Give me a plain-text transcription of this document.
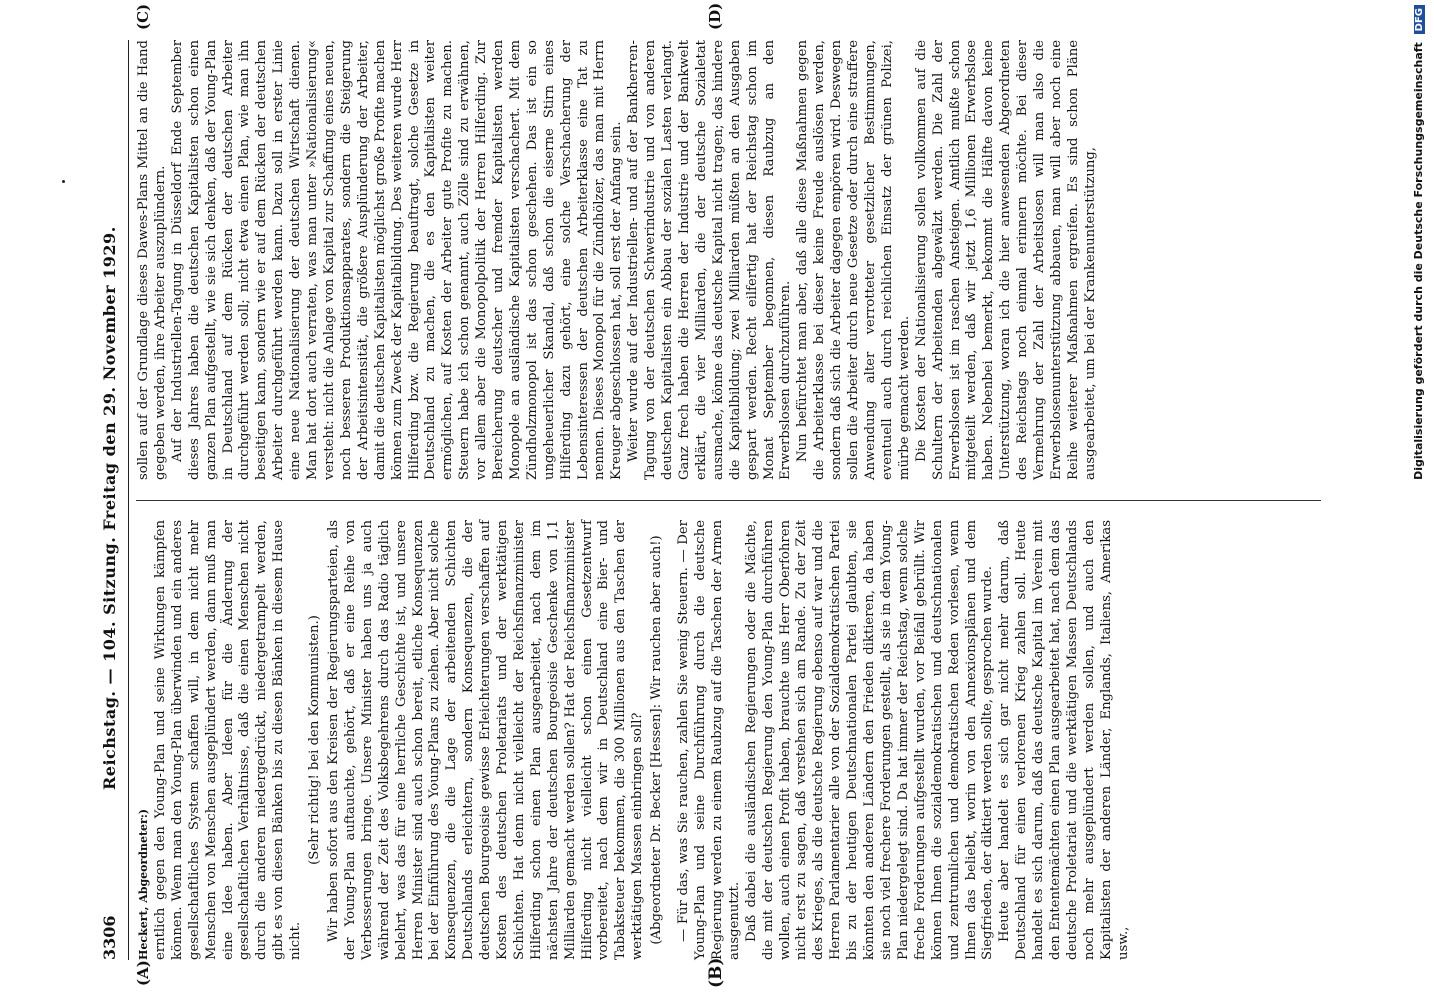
3306
Reichstag. — 104. Sitzung. Freitag den 29. November 1929.
(A)	(B)
(C)	(D)

Heckert, Abgeordneter:) erntlich gegen den Young-Plan und seine Wirkungen kämpfen können. Wenn man den Young-Plan überwinden und ein anderes gesellschaftliches System schaffen will, in dem nicht mehr Menschen von Menschen ausgeplündert werden, dann muß man eine Idee haben. Aber Ideen für die Änderung der gesellschaftlichen Verhältnisse, daß die einen Menschen nicht durch die anderen niedergedrückt, niedergetrampelt werden, gibt es von diesen Bänken bis zu diesen Bänken in diesem Hause nicht.

(Sehr richtig! bei den Kommunisten.) Wir haben sofort aus den Kreisen der Regierungsparteien, als der Young-Plan auftauchte, gehört, daß er eine Reihe von Verbesserungen bringe. Unsere Minister haben uns ja auch während der Zeit des Volksbegehrens durch das Radio täglich belehrt, was das für eine herrliche Geschichte ist, und unsere Herren Minister sind auch schon bereit, etliche Konsequenzen bei der Einführung des Young-Plans zu ziehen. Aber nicht solche Konsequenzen, die die Lage der arbeitenden Schichten Deutschlands erleichtern, sondern Konsequenzen, die der deutschen Bourgeoisie gewisse Erleichterungen verschaffen auf Kosten des deutschen Proletariats und der werktätigen Schichten. Hat denn nicht vielleicht der Reichsfinanzminister Hilferding schon einen Plan ausgearbeitet, nach dem im nächsten Jahre der deutschen Bourgeoisie Geschenke von 1,1 Milliarden gemacht werden sollen? Hat der Reichsfinanzminister Hilferding nicht vielleicht schon einen Gesetzentwurf vorbereitet, nach dem wir in Deutschland eine Bier- und Tabaksteuer bekommen, die 300 Millionen aus den Taschen der werktätigen Massen einbringen soll? (Abgeordneter Dr. Becker [Hessen]: Wir rauchen aber auch!) — Für das, was Sie rauchen, zahlen Sie wenig Steuern. — Der Young-Plan und seine Durchführung durch die deutsche Regierung werden zu einem Raubzug auf die Taschen der Armen ausgenutzt. Daß dabei die ausländischen Regierungen oder die Mächte, die mit der deutschen Regierung den Young-Plan durchführen wollen, auch einen Profit haben, brauchte uns Herr Oberfohren nicht erst zu sagen, daß verstehen sich am Rande. Zu der Zeit des Krieges, als die deutsche Regierung ebenso auf war und die Herren Parlamentarier alle von der Sozialdemokratischen Partei bis zu der heutigen Deutschnationalen Partei glaubten, sie könnten den anderen Ländern den Frieden diktieren, da haben sie noch viel frechere Forderungen gestellt, als sie in dem Young-Plan niedergelegt sind. Da hat immer der Reichstag, wenn solche freche Forderungen aufgestellt wurden, vor Beifall gebrüllt. Wir können Ihnen die sozialdemokratischen und deutschnationalen und zentrumlichen und demokratischen Reden vorlesen, wenn Ihnen das beliebt, worin von den Annexionsplänen und dem Siegfrieden, der diktiert werden sollte, gesprochen wurde. Heute aber handelt es sich gar nicht mehr darum, daß Deutschland für einen verlorenen Krieg zahlen soll. Heute handelt es sich darum, daß das deutsche Kapital im Verein mit den Ententemächten einen Plan ausgearbeitet hat, nach dem das deutsche Proletariat und die werktätigen Massen Deutschlands noch mehr ausgeplündert werden sollen, und auch den Kapitalisten der anderen Länder, Englands, Italiens, Amerikas usw.,

sollen auf der Grundlage dieses Dawes-Plans Mittel an die Hand gegeben werden, ihre Arbeiter auszuplündern. Auf der Industriellen-Tagung in Düsseldorf Ende September dieses Jahres haben die deutschen Kapitalisten schon einen ganzen Plan aufgestellt, wie sie sich denken, daß der Young-Plan in Deutschland auf dem Rücken der deutschen Arbeiter durchgeführt werden soll; nicht etwa einen Plan, wie man ihn beseitigen kann, sondern wie er auf dem Rücken der deutschen Arbeiter durchgeführt werden kann. Dazu soll in erster Linie eine neue Nationalisierung der deutschen Wirtschaft dienen. Man hat dort auch verraten, was man unter »Nationalisierung« versteht: nicht die Anlage von Kapital zur Schaffung eines neuen, noch besseren Produktionsapparates, sondern die Steigerung der Arbeitsintensität, die größere Ausplünderung der Arbeiter, damit die deutschen Kapitalisten möglichst große Profite machen können zum Zweck der Kapitalbildung. Des weiteren wurde Herr Hilferding bzw. die Regierung beauftragt, solche Gesetze in Deutschland zu machen, die es den Kapitalisten weiter ermöglichen, auf Kosten der Arbeiter gute Profite zu machen. Steuern habe ich schon genannt, auch Zölle sind zu erwähnen, vor allem aber die Monopolpolitik der Herren Hilferding. Zur Bereicherung deutscher und fremder Kapitalisten werden Monopole an ausländische Kapitalisten verschachert. Mit dem Zündholzmonopol ist das schon geschehen. Das ist ein so ungeheuerlicher Skandal, daß schon die eiserne Stirn eines Hilferding dazu gehört, eine solche Verschacherung der Lebensinteressen der deutschen Arbeiterklasse eine Tat zu nennen. Dieses Monopol für die Zündhölzer, das man mit Herrn Kreuger abgeschlossen hat, soll erst der Anfang sein. Weiter wurde auf der Industriellen- und auf der Bankherren-Tagung von der deutschen Schwerindustrie und von anderen deutschen Kapitalisten ein Abbau der sozialen Lasten verlangt. Ganz frech haben die Herren der Industrie und der Bankwelt erklärt, die vier Milliarden, die der deutsche Sozialetat ausmache, könne das deutsche Kapital nicht tragen; das hindere die Kapitalbildung; zwei Milliarden müßten an den Ausgaben gespart werden. Recht eilfertig hat der Reichstag schon im Monat September begonnen, diesen Raubzug an den Erwerbslosen durchzuführen. Nun befürchtet man aber, daß alle diese Maßnahmen gegen die Arbeiterklasse bei dieser keine Freude auslösen werden, sondern daß sich die Arbeiter dagegen empören wird. Deswegen sollen die Arbeiter durch neue Gesetze oder durch eine straffere Anwendung alter verrotteter gesetzlicher Bestimmungen, eventuell auch durch reichlichen Einsatz der grünen Polizei, mürbe gemacht werden. Die Kosten der Nationalisierung sollen vollkommen auf die Schultern der Arbeitenden abgewälzt werden. Die Zahl der Erwerbslosen ist im raschen Ansteigen. Amtlich mußte schon mitgeteilt werden, daß wir jetzt 1,6 Millionen Erwerbslose haben. Nebenbei bemerkt, bekommt die Hälfte davon keine Unterstützung, woran ich die hier anwesenden Abgeordneten des Reichstags noch einmal erinnern möchte. Bei dieser Vermehrung der Zahl der Arbeitslosen will man also die Erwerbslosenunterstützung abbauen, man will aber noch eine Reihe weiterer Maßnahmen ergreifen. Es sind schon Pläne ausgearbeitet, um bei der Krankenunterstützung,	Digitalisierung gefördert durch die Deutsche Forschungsgemeinschaft DFG
